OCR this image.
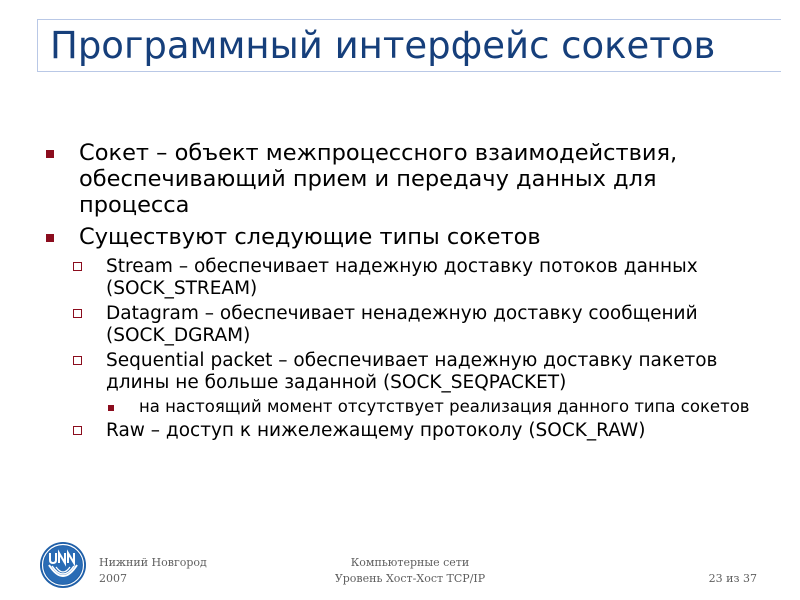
Программный интерфейс сокетов
Сокет – объект межпроцессного взаимодействия, обеспечивающий прием и передачу данных для процесса
Существуют следующие типы сокетов
Stream – обеспечивает надежную доставку потоков данных (SOCK_STREAM)
Datagram – обеспечивает ненадежную доставку сообщений (SOCK_DGRAM)
Sequential packet – обеспечивает надежную доставку пакетов длины не больше заданной (SOCK_SEQPACKET)
на настоящий момент отсутствует реализация данного типа сокетов
Raw – доступ к нижележащему протоколу (SOCK_RAW)
Нижний Новгород
2007
Компьютерные сети
Уровень Хост-Хост TCP/IP	23 из 37
